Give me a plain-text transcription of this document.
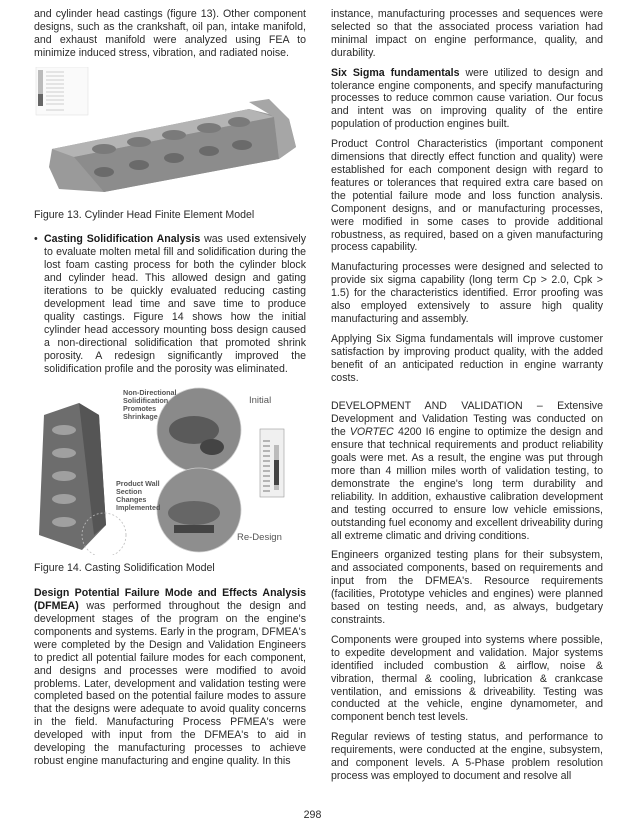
and cylinder head castings (figure 13). Other component designs, such as the crankshaft, oil pan, intake manifold, and exhaust manifold were analyzed using FEA to minimize induced stress, vibration, and radiated noise.

Figure 13. Cylinder Head Finite Element Model

• Casting Solidification Analysis was used extensively to evaluate molten metal fill and solidification during the lost foam casting process for both the cylinder block and cylinder head. This allowed design and gating iterations to be quickly evaluated reducing casting development lead time and save time to produce quality castings. Figure 14 shows how the initial cylinder head accessory mounting boss design caused a non-directional solidification that promoted shrink porosity. A redesign significantly improved the solidification profile and the porosity was eliminated.

Non-Directional
Solidification
Promotes
Shrinkage
Product Wall
Section
Changes
Implemented
Initial
Re-Design
Figure 14. Casting Solidification Model

Design Potential Failure Mode and Effects Analysis (DFMEA) was performed throughout the design and development stages of the program on the engine's components and systems. Early in the program, DFMEA's were completed by the Design and Validation Engineers to predict all potential failure modes for each component, and designs and processes were modified to avoid problems. Later, development and validation testing were completed based on the potential failure modes to assure that the designs were adequate to avoid quality concerns in the field. Manufacturing Process PFMEA's were developed with input from the DFMEA's to aid in developing the manufacturing processes to achieve robust engine manufacturing and engine quality. In this

instance, manufacturing processes and sequences were selected so that the associated process variation had minimal impact on engine performance, quality, and durability.

Six Sigma fundamentals were utilized to design and tolerance engine components, and specify manufacturing processes to reduce common cause variation. Our focus and intent was on improving quality of the entire population of production engines built.

Product Control Characteristics (important component dimensions that directly effect function and quality) were established for each component design with regard to features or tolerances that required extra care based on the potential failure mode and loss function analysis. Component designs, and or manufacturing processes, were modified in some cases to provide additional robustness, as required, based on a given manufacturing process capability.

Manufacturing processes were designed and selected to provide six sigma capability (long term Cp > 2.0, Cpk > 1.5) for the characteristics identified. Error proofing was also employed extensively to assure high quality manufacturing and assembly.

Applying Six Sigma fundamentals will improve customer satisfaction by improving product quality, with the added benefit of an anticipated reduction in engine warranty costs.

DEVELOPMENT AND VALIDATION – Extensive Development and Validation Testing was conducted on the VORTEC 4200 I6 engine to optimize the design and ensure that technical requirements and product reliability goals were met. As a result, the engine was put through more than 4 million miles worth of validation testing, to demonstrate the engine's long term durability and reliability. In addition, exhaustive calibration development and testing occurred to ensure low vehicle emissions, outstanding fuel economy and excellent driveability during all extreme climatic and driving conditions.

Engineers organized testing plans for their subsystem, and associated components, based on requirements and input from the DFMEA's. Resource requirements (facilities, Prototype vehicles and engines) were planned based on testing needs, and, as always, budgetary constraints.

Components were grouped into systems where possible, to expedite development and validation. Major systems identified included combustion & airflow, noise & vibration, thermal & cooling, lubrication & crankcase ventilation, and emissions & driveability. Testing was conducted at the vehicle, engine dynamometer, and component bench test levels.

Regular reviews of testing status, and performance to requirements, were conducted at the engine, subsystem, and component levels. A 5-Phase problem resolution process was employed to document and resolve all

298
